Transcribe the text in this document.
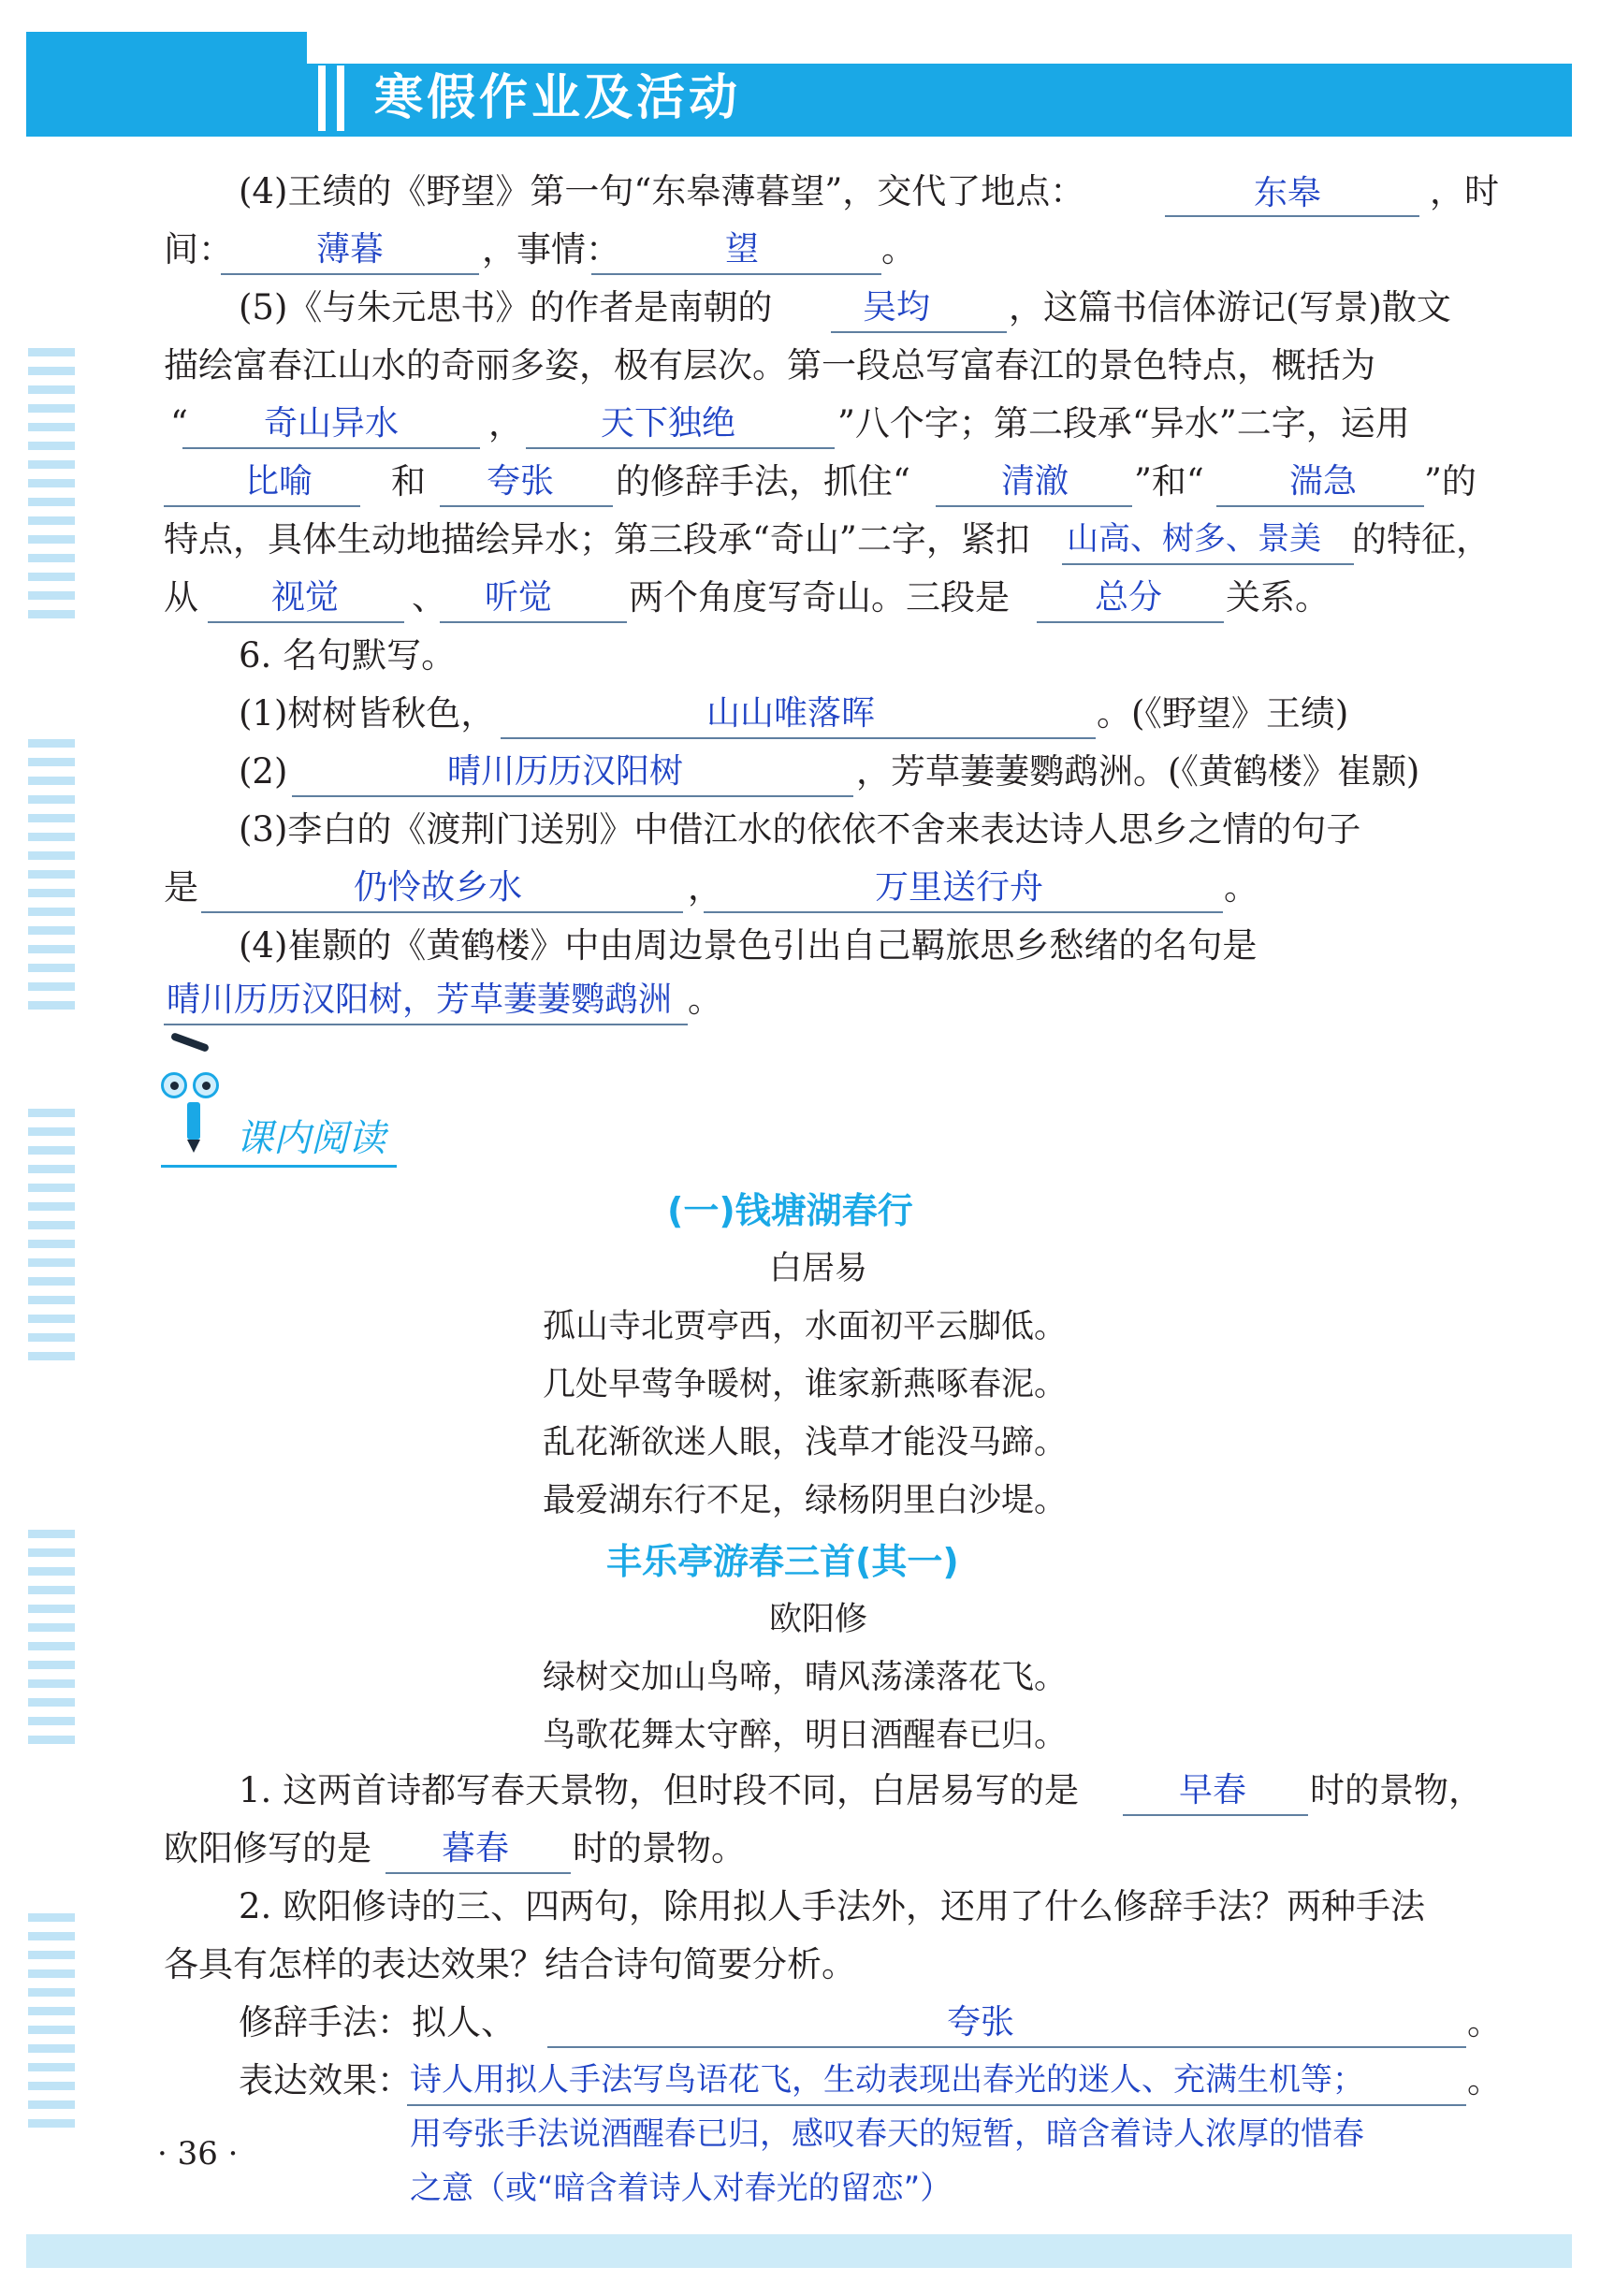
寒假作业及活动
(4)王绩的《野望》第一句“东皋薄暮望”，交代了地点：	东皋	，时
间： 薄暮	，事情：	望	。
(5)《与朱元思书》的作者是南朝的	吴均 ，这篇书信体游记(写景)散文
描绘富春江山水的奇丽多姿，极有层次。第一段总写富春江的景色特点，概括为
“ 奇山异水	， 天下独绝	”八个字；第二段承“异水”二字，运用
比喻 和 夸张 的修辞手法，抓住“	清澈 ”和“	湍急 ”的
特点，具体生动地描绘异水；第三段承“奇山”二字，紧扣 山高、树多、景美 的特征，
从 视觉 、 听觉 两个角度写奇山。三段是	总分 关系。
6. 名句默写。
(1)树树皆秋色，	山山唯落晖	。(《野望》王绩)
(2)	晴川历历汉阳树	，芳草萋萋鹦鹉洲。(《黄鹤楼》崔颢)
(3)李白的《渡荆门送别》中借江水的依依不舍来表达诗人思乡之情的句子
是	仍怜故乡水	，	万里送行舟	。
(4)崔颢的《黄鹤楼》中由周边景色引出自己羁旅思乡愁绪的名句是
晴川历历汉阳树，芳草萋萋鹦鹉洲 。
课内阅读
(一)钱塘湖春行
白居易
孤山寺北贾亭西，水面初平云脚低。
几处早莺争暖树，谁家新燕啄春泥。
乱花渐欲迷人眼，浅草才能没马蹄。
最爱湖东行不足，绿杨阴里白沙堤。
丰乐亭游春三首(其一)
欧阳修
绿树交加山鸟啼，晴风荡漾落花飞。
鸟歌花舞太守醉，明日酒醒春已归。
1. 这两首诗都写春天景物，但时段不同，白居易写的是	早春 时的景物，
欧阳修写的是 暮春 时的景物。
2. 欧阳修诗的三、四两句，除用拟人手法外，还用了什么修辞手法？两种手法
各具有怎样的表达效果？结合诗句简要分析。
修辞手法：拟人、	夸张	。
表达效果：
诗人用拟人手法写鸟语花飞，生动表现出春光的迷人、充满生机等；
用夸张手法说酒醒春已归，感叹春天的短暂，暗含着诗人浓厚的惜春
之意（或“暗含着诗人对春光的留恋”）
。
· 36 ·
